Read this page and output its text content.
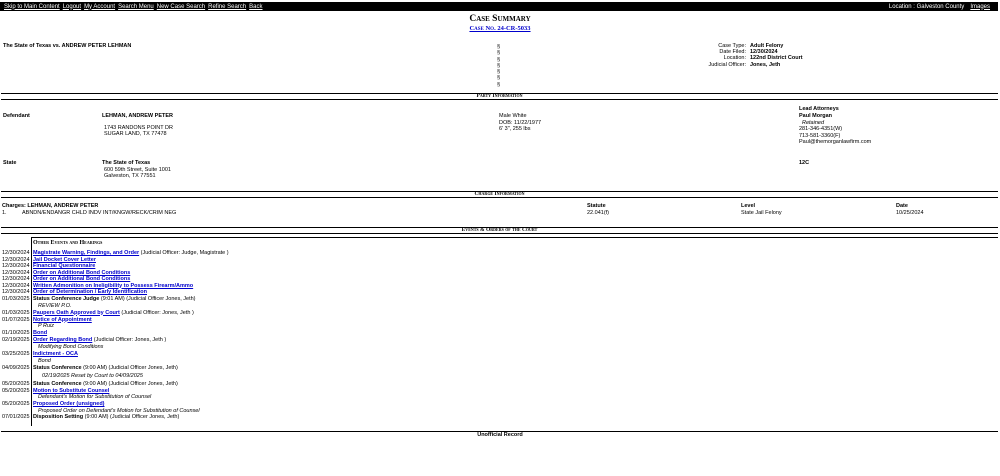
Skip to Main Content Logout My Account Search Menu New Case Search Refine Search Back	Location : Galveston County Images
Case Summary
Case No. 24-CR-5033
The State of Texas vs. ANDREW PETER LEHMAN	§
§
§
§
§
§
§
Case Type: Adult Felony
Date Filed: 12/30/2024
Location: 122nd District Court
Judicial Officer: Jones, Jeth
Party Information
Lead Attorneys
Defendant	LEHMAN, ANDREW PETER
1743 RANDONS POINT DR
SUGAR LAND, TX 77478
Male White
DOB: 11/22/1977
6' 3", 255 lbs
Paul Morgan
Retained
281-346-4351(W)
713-581-3360(F)
Paul@themorganlawfirm.com
State	The State of Texas
600 59th Street, Suite 1001
Galveston, TX 77551
12C
Charge Information
Charges: LEHMAN, ANDREW PETER	Statute	Level	Date
1.	ABNDN/ENDANGR CHLD INDV INT/KNGW/RECK/CRIM NEG	22.041(f)	State Jail Felony	10/25/2024
Events & Orders of the Court
Other Events and Hearings
12/30/2024 Magistrate Warning, Findings, and Order (Judicial Officer: Judge, Magistrate )
12/30/2024 Jail Docket Cover Letter
12/30/2024 Financial Questionnaire
12/30/2024 Order on Additional Bond Conditions
12/30/2024 Order on Additional Bond Conditions
12/30/2024 Written Admonition on Ineligibility to Possess Firearm/Ammo
12/30/2024 Order of Determination / Early Identification
01/03/2025 Status Conference Judge (9:01 AM) (Judicial Officer Jones, Jeth)
REVIEW P.O.
01/03/2025 Paupers Oath Approved by Court (Judicial Officer: Jones, Jeth )
01/07/2025 Notice of Appointment
P Ruiz
01/10/2025 Bond
02/19/2025 Order Regarding Bond (Judicial Officer: Jones, Jeth )
Modifying Bond Conditions
03/25/2025 Indictment - OCA
Bond
04/09/2025 Status Conference (9:00 AM) (Judicial Officer Jones, Jeth)
02/19/2025 Reset by Court to 04/09/2025
05/20/2025 Status Conference (9:00 AM) (Judicial Officer Jones, Jeth)
05/20/2025 Motion to Substitute Counsel
Defendant's Motion for Substitution of Counsel
05/20/2025 Proposed Order (unsigned)
Proposed Order on Defendant's Motion for Substitution of Counsel
07/01/2025 Disposition Setting (9:00 AM) (Judicial Officer Jones, Jeth)
Unofficial Record
